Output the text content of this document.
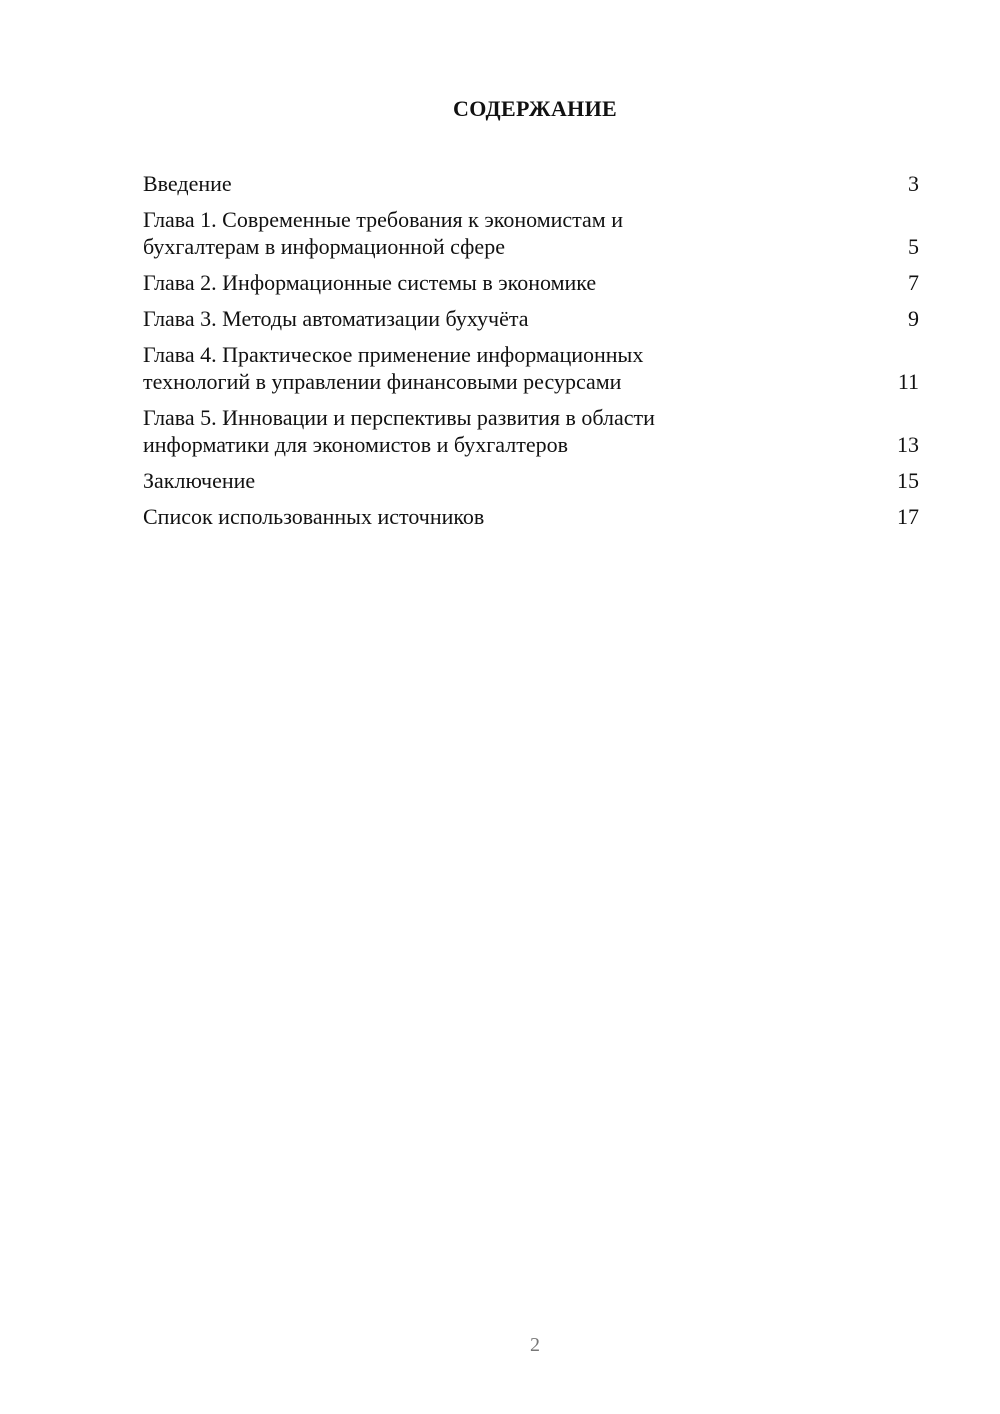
СОДЕРЖАНИЕ
Введение	3
Глава 1. Современные требования к экономистам и
бухгалтерам в информационной сфере	5
Глава 2. Информационные системы в экономике	7
Глава 3. Методы автоматизации бухучёта	9
Глава 4. Практическое применение информационных
технологий в управлении финансовыми ресурсами	11
Глава 5. Инновации и перспективы развития в области
информатики для экономистов и бухгалтеров	13
Заключение	15
Список использованных источников	17
2
